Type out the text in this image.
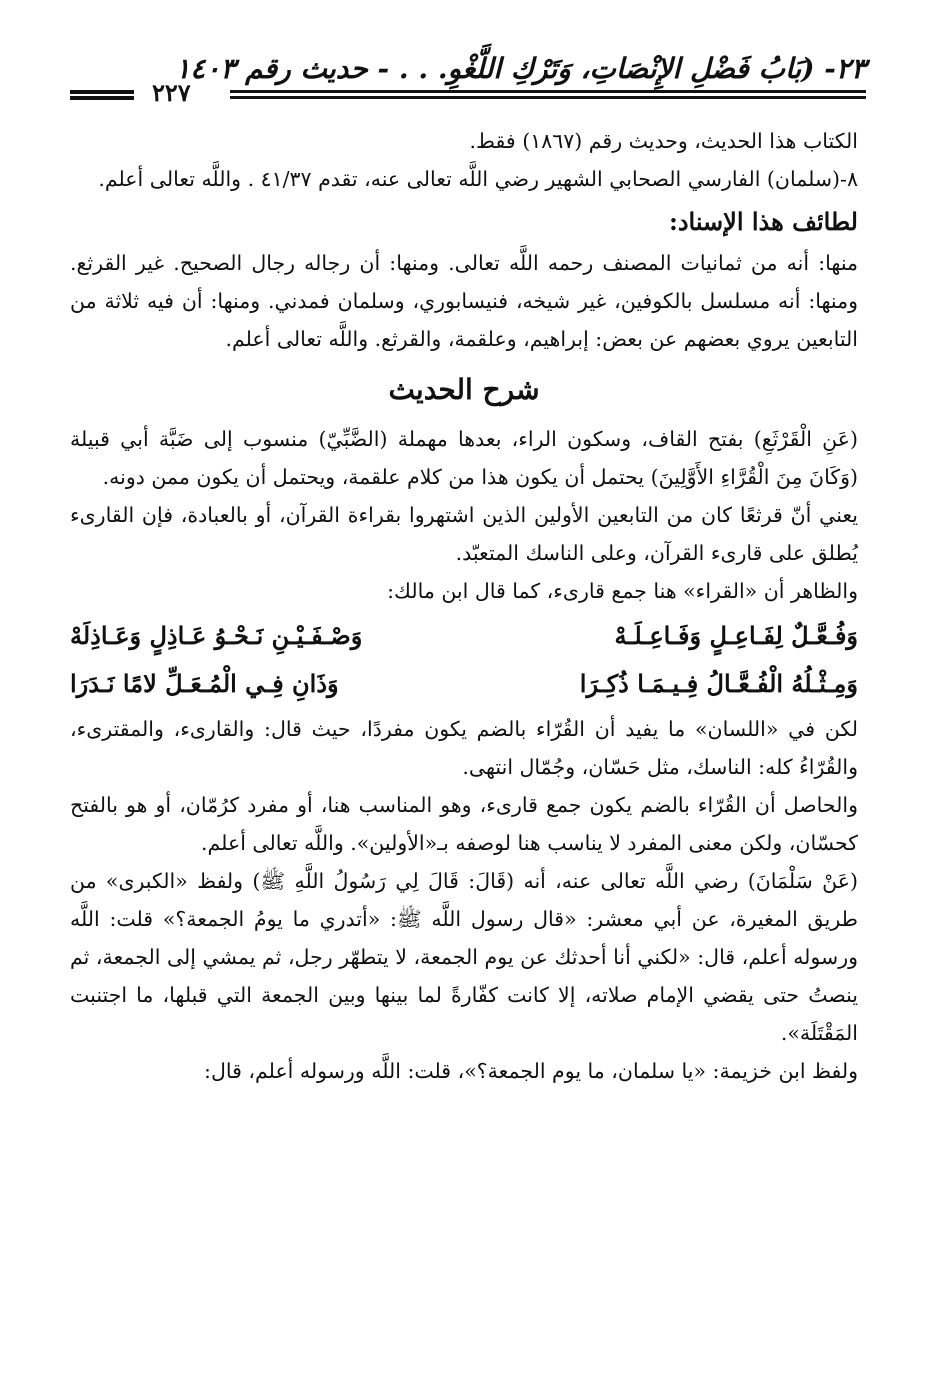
٢٣- (بَابُ فَضْلِ الإِنْصَاتِ، وَتَرْكِ اللَّغْوِ. . . - حديث رقم ١٤٠٣
٢٢٧

الكتاب هذا الحديث، وحديث رقم (١٨٦٧) فقط.

٨-(سلمان) الفارسي الصحابي الشهير رضي اللَّه تعالى عنه، تقدم ٤١/٣٧ . واللَّه تعالى أعلم.

لطائف هذا الإسناد:

منها: أنه من ثمانيات المصنف رحمه اللَّه تعالى. ومنها: أن رجاله رجال الصحيح. غير القرثع. ومنها: أنه مسلسل بالكوفين، غير شيخه، فنيسابوري، وسلمان فمدني. ومنها: أن فيه ثلاثة من التابعين يروي بعضهم عن بعض: إبراهيم، وعلقمة، والقرثع. واللَّه تعالى أعلم.

شرح الحديث

(عَنِ الْقَرْثَعِ) بفتح القاف، وسكون الراء، بعدها مهملة (الضَّبِّيّ) منسوب إلى ضَبَّة أبي قبيلة (وَكَانَ مِنَ الْقُرَّاءِ الأَوَّلِينَ) يحتمل أن يكون هذا من كلام علقمة، ويحتمل أن يكون ممن دونه.

يعني أنّ قرثعًا كان من التابعين الأولين الذين اشتهروا بقراءة القرآن، أو بالعبادة، فإن القارىء يُطلق على قارىء القرآن، وعلى الناسك المتعبّد.

والظاهر أن «القراء» هنا جمع قارىء، كما قال ابن مالك:

وَفُـعَّـلٌ لِفَـاعِـلٍ وَفَـاعِـلَـهْ
وَصْـفَـيْـنِ نَـحْـوُ عَـاذِلٍ وَعَـاذِلَهْ
وَمِـثْـلُهُ الْفُـعَّـالُ فِـيـمَـا ذُكِـرَا
وَذَانِ فِـي الْمُـعَـلِّ لامًا نَـدَرَا

لكن في «اللسان» ما يفيد أن القُرّاء بالضم يكون مفردًا، حيث قال: والقارىء، والمقترىء، والقُرّاءُ كله: الناسك، مثل حَسّان، وجُمّال انتهى.

والحاصل أن القُرّاء بالضم يكون جمع قارىء، وهو المناسب هنا، أو مفرد كرُمّان، أو هو بالفتح كحسّان، ولكن معنى المفرد لا يناسب هنا لوصفه بـ«الأولين». واللَّه تعالى أعلم.

(عَنْ سَلْمَانَ) رضي اللَّه تعالى عنه، أنه (قَالَ: قَالَ لِي رَسُولُ اللَّهِ ﷺ) ولفظ «الكبرى» من طريق المغيرة، عن أبي معشر: «قال رسول اللَّه ﷺ: «أتدري ما يومُ الجمعة؟» قلت: اللَّه ورسوله أعلم، قال: «لكني أنا أحدثك عن يوم الجمعة، لا يتطهّر رجل، ثم يمشي إلى الجمعة، ثم ينصتُ حتى يقضي الإمام صلاته، إلا كانت كفّارةً لما بينها وبين الجمعة التي قبلها، ما اجتنبت المَقْتَلَة».

ولفظ ابن خزيمة: «يا سلمان، ما يوم الجمعة؟»، قلت: اللَّه ورسوله أعلم، قال:
